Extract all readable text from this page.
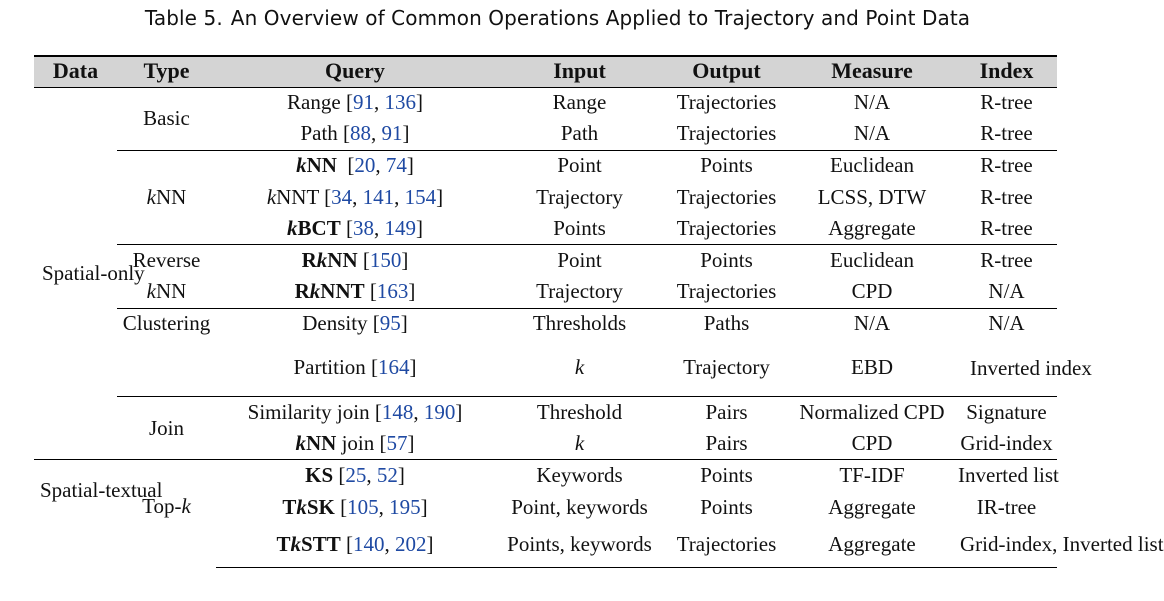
Table 5. An Overview of Common Operations Applied to Trajectory and Point Data
Data	Type	Query	Input	Output	Measure	Index
Spatial-only	Basic	Range [91, 136]	Range	Trajectories	N/A	R-tree
		Path [88, 91]	Path	Trajectories	N/A	R-tree
	kNN	kNN  [20, 74]	Point	Points	Euclidean	R-tree
		kNNT [34, 141, 154]	Trajectory	Trajectories	LCSS, DTW	R-tree
		kBCT [38, 149]	Points	Trajectories	Aggregate	R-tree
	Reverse	RkNN [150]	Point	Points	Euclidean	R-tree
	kNN	RkNNT [163]	Trajectory	Trajectories	CPD	N/A
	Clustering	Density [95]	Thresholds	Paths	N/A	N/A
		Partition [164]	k	Trajectory	EBD	Inverted index
	Join	Similarity join [148, 190]	Threshold	Pairs	Normalized CPD	Signature
		kNN join [57]	k	Pairs	CPD	Grid-index
Spatial-textual	Top-k	KS [25, 52]	Keywords	Points	TF-IDF	Inverted list
		TkSK [105, 195]	Point, keywords	Points	Aggregate	IR-tree
		TkSTT [140, 202]	Points, keywords	Trajectories	Aggregate	Grid-index, Inverted list
